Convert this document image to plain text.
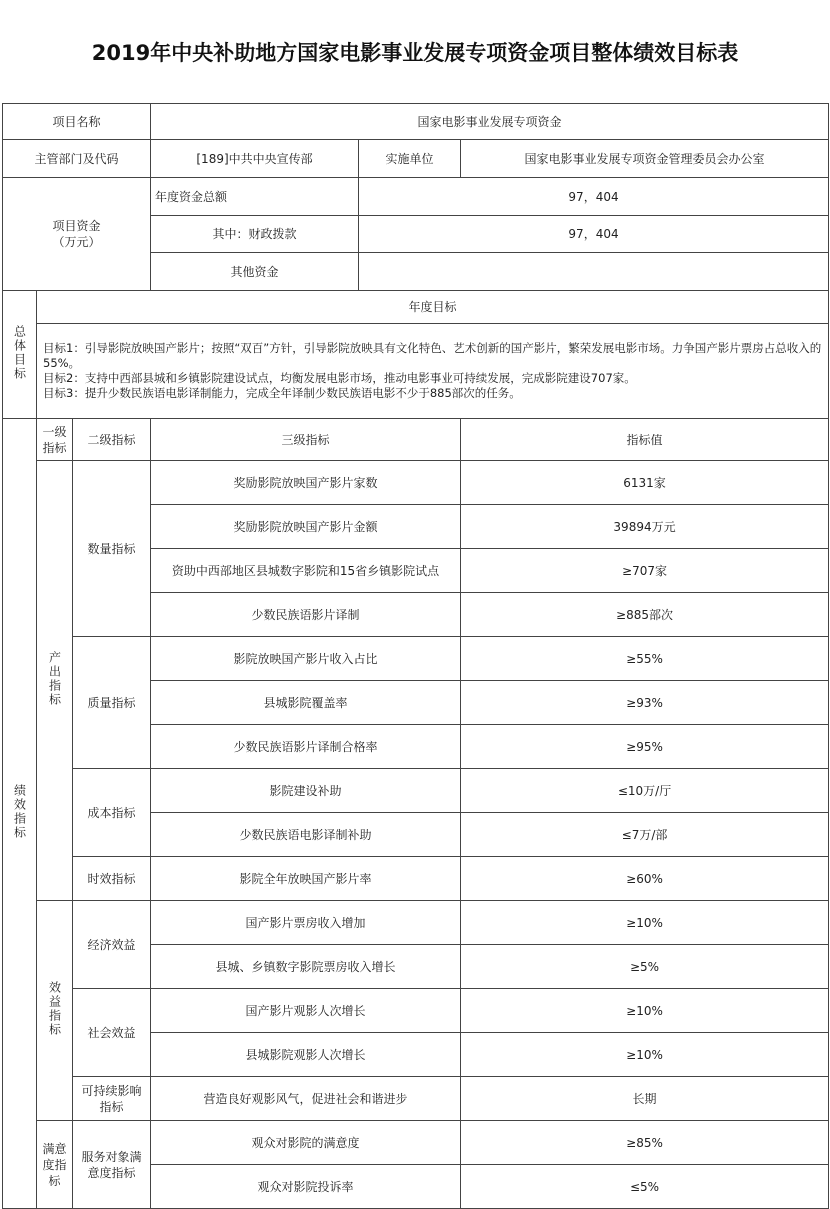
2019年中央补助地方国家电影事业发展专项资金项目整体绩效目标表
项目名称			国家电影事业发展专项资金		
主管部门及代码			[189]中共中央宣传部	实施单位	国家电影事业发展专项资金管理委员会办公室

项目资金
（万元）			年度资金总额	97，404	
			其中：财政拨款	97，404	
			其他资金		
总体目标	年度目标				

	目标1：引导影院放映国产影片；按照“双百”方针，引导影院放映具有文化特色、艺术创新的国产影片，繁荣发展电影市场。力争国产影片票房占总收入的55%。
目标2：支持中西部县城和乡镇影院建设试点，均衡发展电影市场，推动电影事业可持续发展，完成影院建设707家。
目标3：提升少数民族语电影译制能力，完成全年译制少数民族语电影不少于885部次的任务。				

绩效指标	一级指标	二级指标	三级指标		指标值
	产出指标	数量指标	奖励影院放映国产影片家数		6131家
			奖励影院放映国产影片金额		39894万元
			资助中西部地区县城数字影院和15省乡镇影院试点		≥707家
			少数民族语影片译制		≥885部次
		质量指标	影院放映国产影片收入占比		≥55%
			县城影院覆盖率		≥93%
			少数民族语影片译制合格率		≥95%
		成本指标	影院建设补助		≤10万/厅
			少数民族语电影译制补助		≤7万/部
		时效指标	影院全年放映国产影片率		≥60%
	效益指标	经济效益	国产影片票房收入增加		≥10%
			县城、乡镇数字影院票房收入增长		≥5%
		社会效益	国产影片观影人次增长		≥10%
			县城影院观影人次增长		≥10%
		可持续影响指标	营造良好观影风气，促进社会和谐进步		长期
	满意度指标	服务对象满意度指标	观众对影院的满意度		≥85%
			观众对影院投诉率		≤5%
